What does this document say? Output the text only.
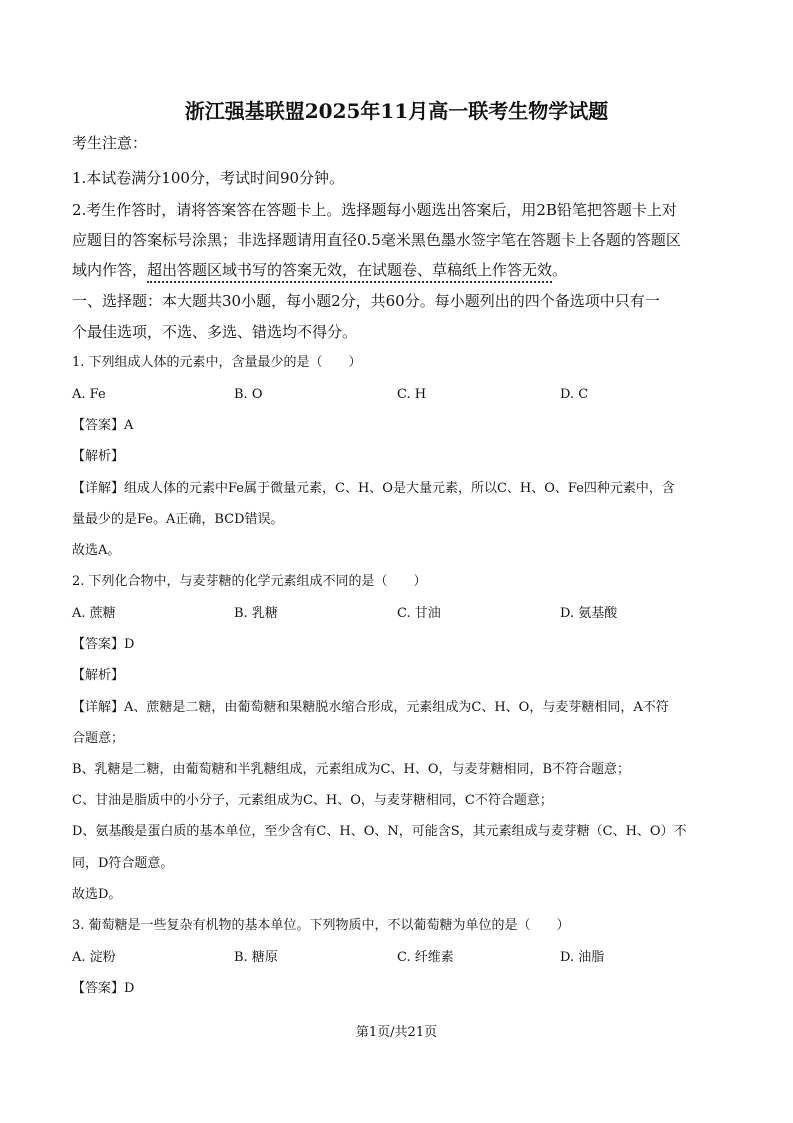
浙江强基联盟2025年11月高一联考生物学试题
考生注意：
1.本试卷满分100分，考试时间90分钟。
2.考生作答时，请将答案答在答题卡上。选择题每小题选出答案后，用2B铅笔把答题卡上对
应题目的答案标号涂黑；非选择题请用直径0.5毫米黑色墨水签字笔在答题卡上各题的答题区
域内作答，超出答题区域书写的答案无效，在试题卷、草稿纸上作答无效。
一、选择题：本大题共30小题，每小题2分，共60分。每小题列出的四个备选项中只有一
个最佳选项，不选、多选、错选均不得分。
1. 下列组成人体的元素中，含量最少的是（　　）
A. Fe	B. O	C. H	D. C
【答案】A
【解析】
【详解】组成人体的元素中Fe属于微量元素，C、H、O是大量元素，所以C、H、O、Fe四种元素中，含
量最少的是Fe。A正确，BCD错误。
故选A。
2. 下列化合物中，与麦芽糖的化学元素组成不同的是（　　）
A. 蔗糖	B. 乳糖	C. 甘油	D. 氨基酸
【答案】D
【解析】
【详解】A、蔗糖是二糖，由葡萄糖和果糖脱水缩合形成，元素组成为C、H、O，与麦芽糖相同，A不符
合题意；
B、乳糖是二糖，由葡萄糖和半乳糖组成，元素组成为C、H、O，与麦芽糖相同，B不符合题意；
C、甘油是脂质中的小分子，元素组成为C、H、O，与麦芽糖相同，C不符合题意；
D、氨基酸是蛋白质的基本单位，至少含有C、H、O、N，可能含S，其元素组成与麦芽糖（C、H、O）不
同，D符合题意。
故选D。
3. 葡萄糖是一些复杂有机物的基本单位。下列物质中，不以葡萄糖为单位的是（　　）
A. 淀粉	B. 糖原	C. 纤维素	D. 油脂
【答案】D
第1页/共21页
